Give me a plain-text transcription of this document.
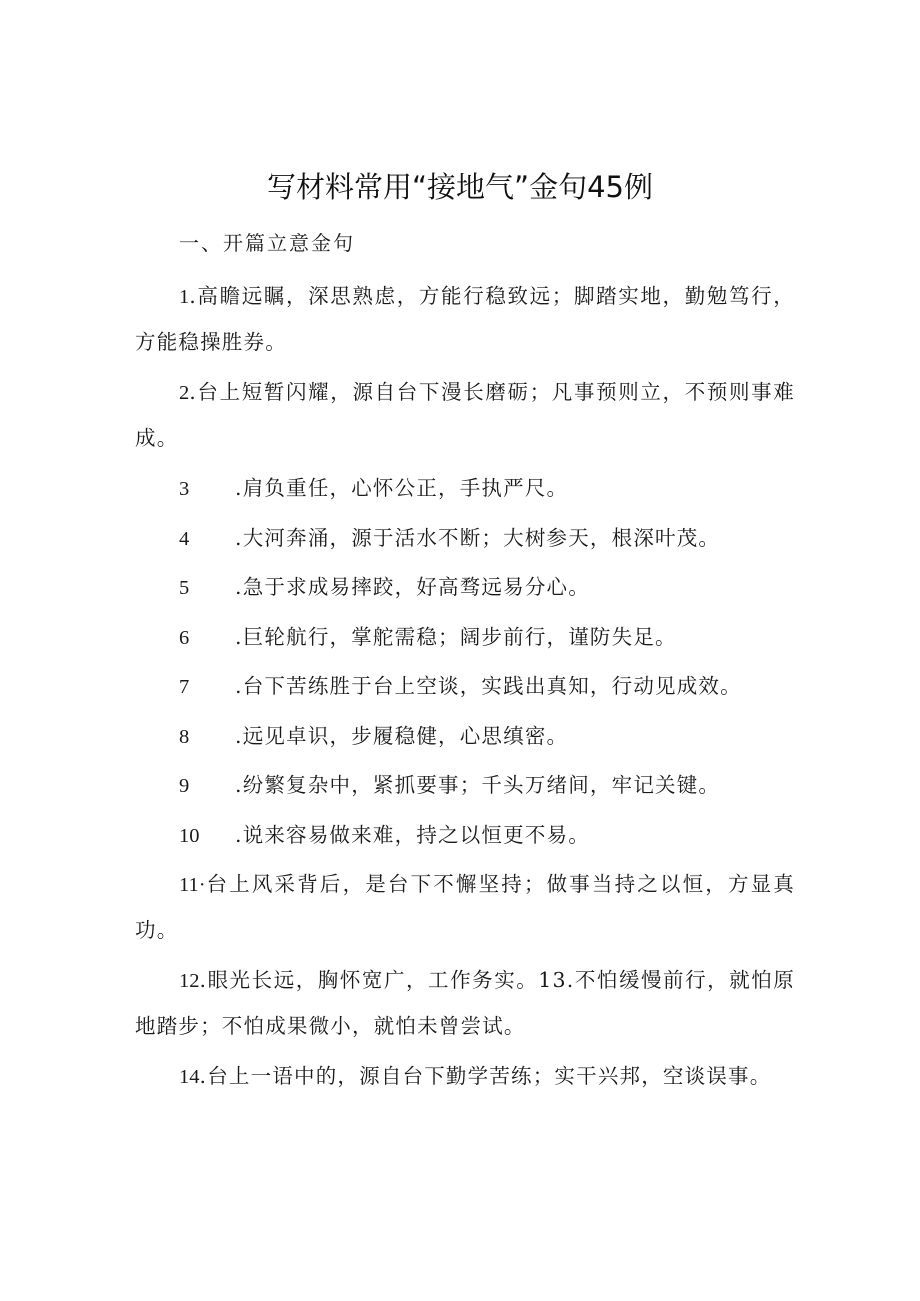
写材料常用“接地气”金句45例
一、开篇立意金句

1.高瞻远瞩，深思熟虑，方能行稳致远；脚踏实地，勤勉笃行，方能稳操胜券。

2.台上短暂闪耀，源自台下漫长磨砺；凡事预则立，不预则事难成。

3 .肩负重任，心怀公正，手执严尺。
4 .大河奔涌，源于活水不断；大树参天，根深叶茂。
5 .急于求成易摔跤，好高骛远易分心。
6 .巨轮航行，掌舵需稳；阔步前行，谨防失足。
7 .台下苦练胜于台上空谈，实践出真知，行动见成效。
8 .远见卓识，步履稳健，心思缜密。
9 .纷繁复杂中，紧抓要事；千头万绪间，牢记关键。
10 .说来容易做来难，持之以恒更不易。

11·台上风采背后，是台下不懈坚持；做事当持之以恒，方显真功。

12.眼光长远，胸怀宽广，工作务实。13.不怕缓慢前行，就怕原地踏步；不怕成果微小，就怕未曾尝试。

14.台上一语中的，源自台下勤学苦练；实干兴邦，空谈误事。
